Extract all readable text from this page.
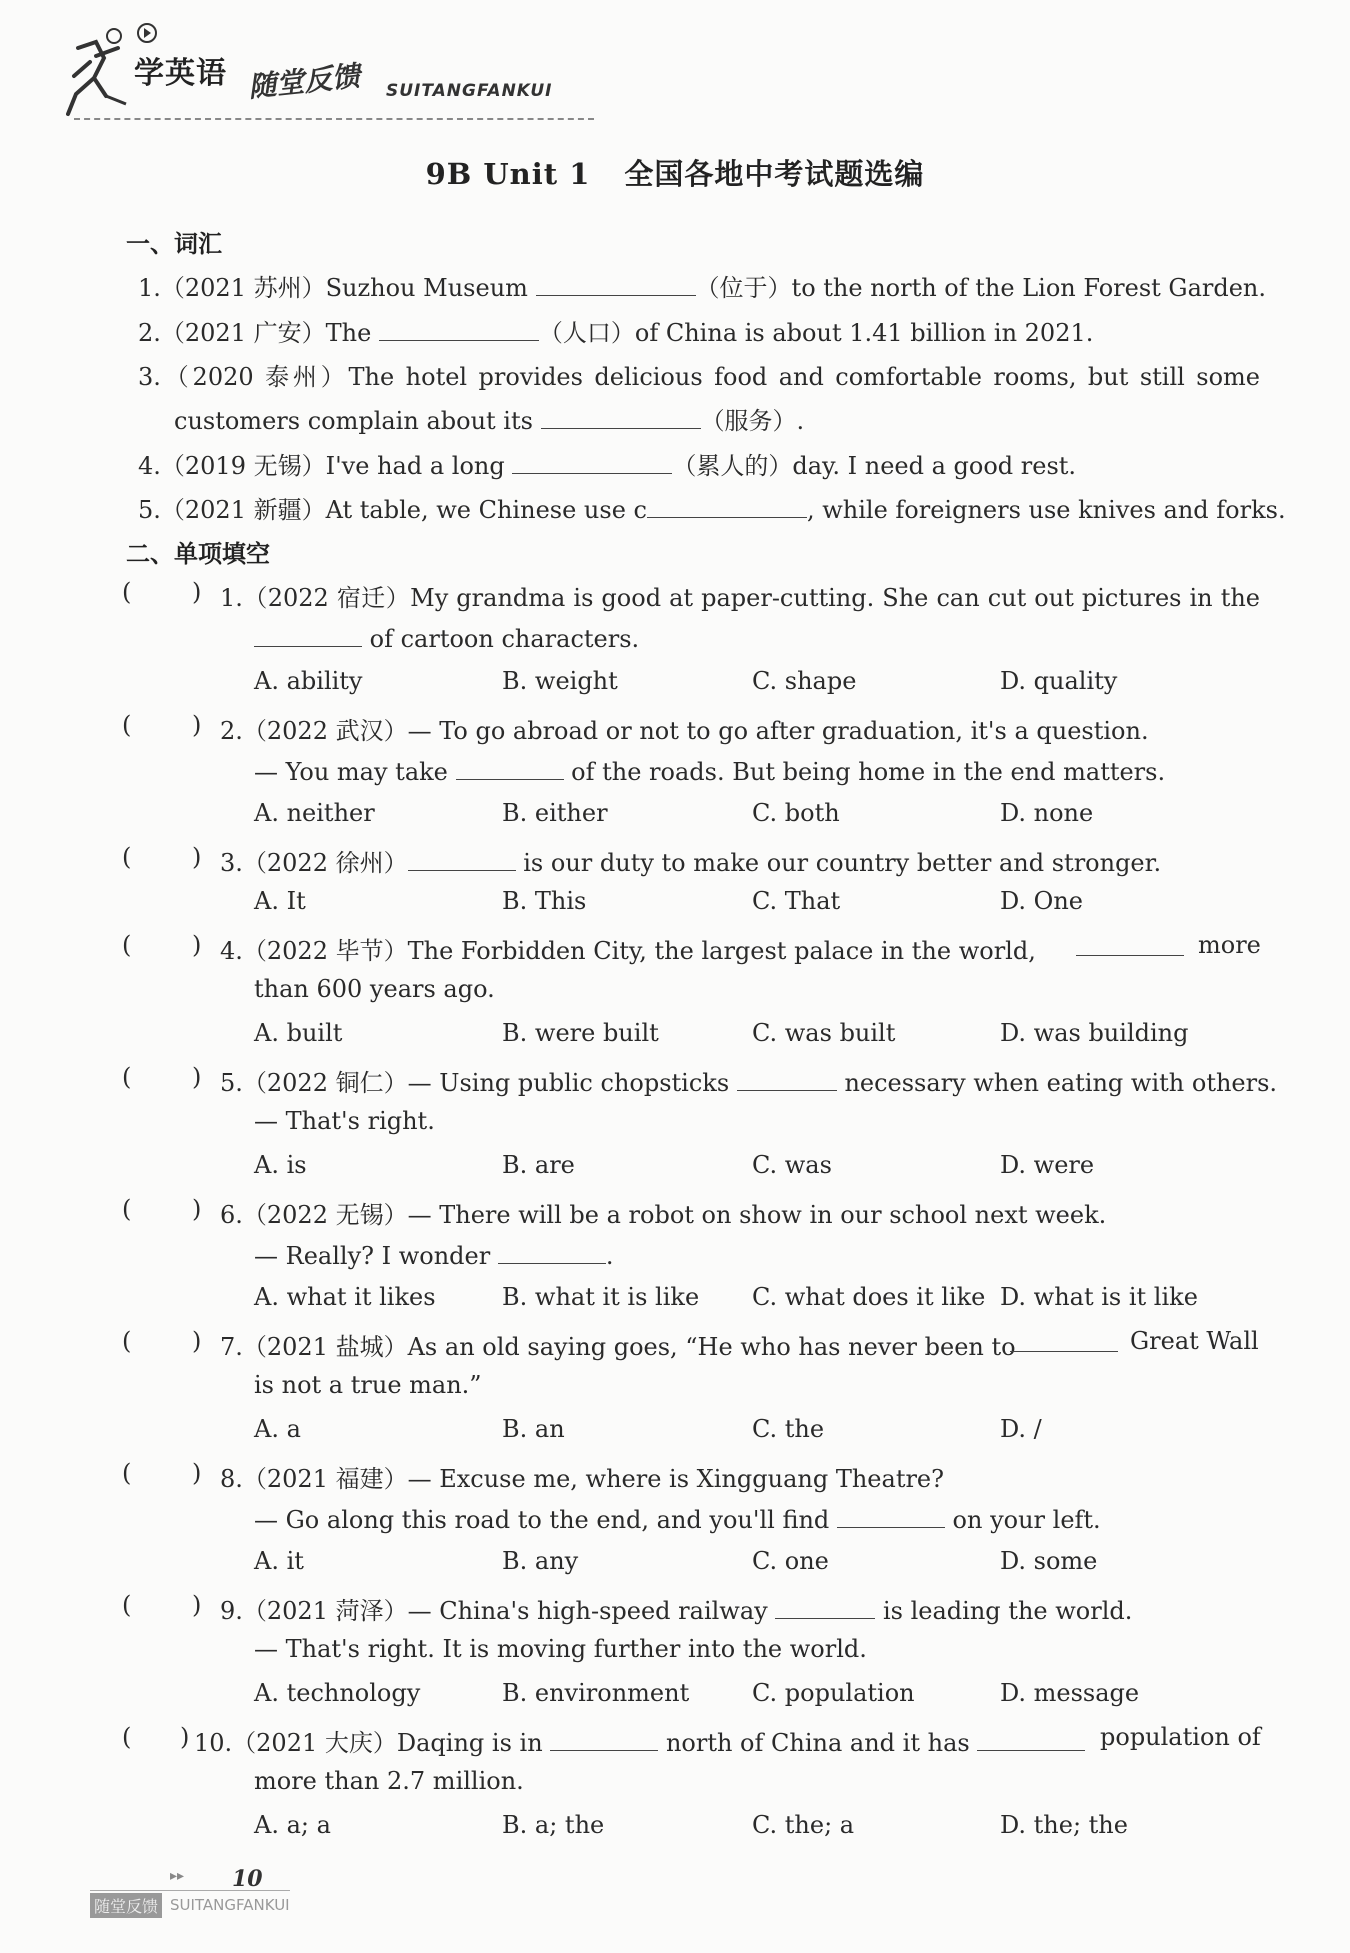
学英语 随堂反馈 SUITANGFANKUI
9B Unit 1 全国各地中考试题选编
一、词汇
1.（2021 苏州）Suzhou Museum	（位于）to the north of the Lion Forest Garden.
2.（2021 广安）The	（人口）of China is about 1.41 billion in 2021.
3.（2020 泰州）The hotel provides delicious food and comfortable rooms, but still some
customers complain about its	（服务）.
4.（2019 无锡）I've had a long	（累人的）day. I need a good rest.
5.（2021 新疆）At table, we Chinese use c	, while foreigners use knives and forks.
二、单项填空
(	) 1.（2022 宿迁）My grandma is good at paper-cutting. She can cut out pictures in the
of cartoon characters.
A. ability	B. weight	C. shape	D. quality
(	) 2.（2022 武汉）— To go abroad or not to go after graduation, it's a question.
— You may take	of the roads. But being home in the end matters.
A. neither	B. either	C. both	D. none
(	) 3.（2022 徐州）	is our duty to make our country better and stronger.
A. It	B. This	C. That	D. One
(	) 4.（2022 毕节）The Forbidden City, the largest palace in the world,	more
than 600 years ago.
A. built	B. were built	C. was built	D. was building
(	) 5.（2022 铜仁）— Using public chopsticks	necessary when eating with others.
— That's right.
A. is	B. are	C. was	D. were
(	) 6.（2022 无锡）— There will be a robot on show in our school next week.
— Really? I wonder	.
A. what it likes	B. what it is like C. what does it like D. what is it like
(	) 7.（2021 盐城）As an old saying goes, “He who has never been to	Great Wall
is not a true man.”
A. a	B. an	C. the	D. /
(	) 8.（2021 福建）— Excuse me, where is Xingguang Theatre?
— Go along this road to the end, and you'll find	on your left.
A. it	B. any	C. one	D. some
(	) 9.（2021 菏泽）— China's high-speed railway	is leading the world.
— That's right. It is moving further into the world.
A. technology	B. environment	C. population	D. message
( ) 10.（2021 大庆）Daqing is in	north of China and it has	population of
more than 2.7 million.
A. a; a	B. a; the	C. the; a	D. the; the
▸▸ 10
随堂反馈 SUITANGFANKUI
